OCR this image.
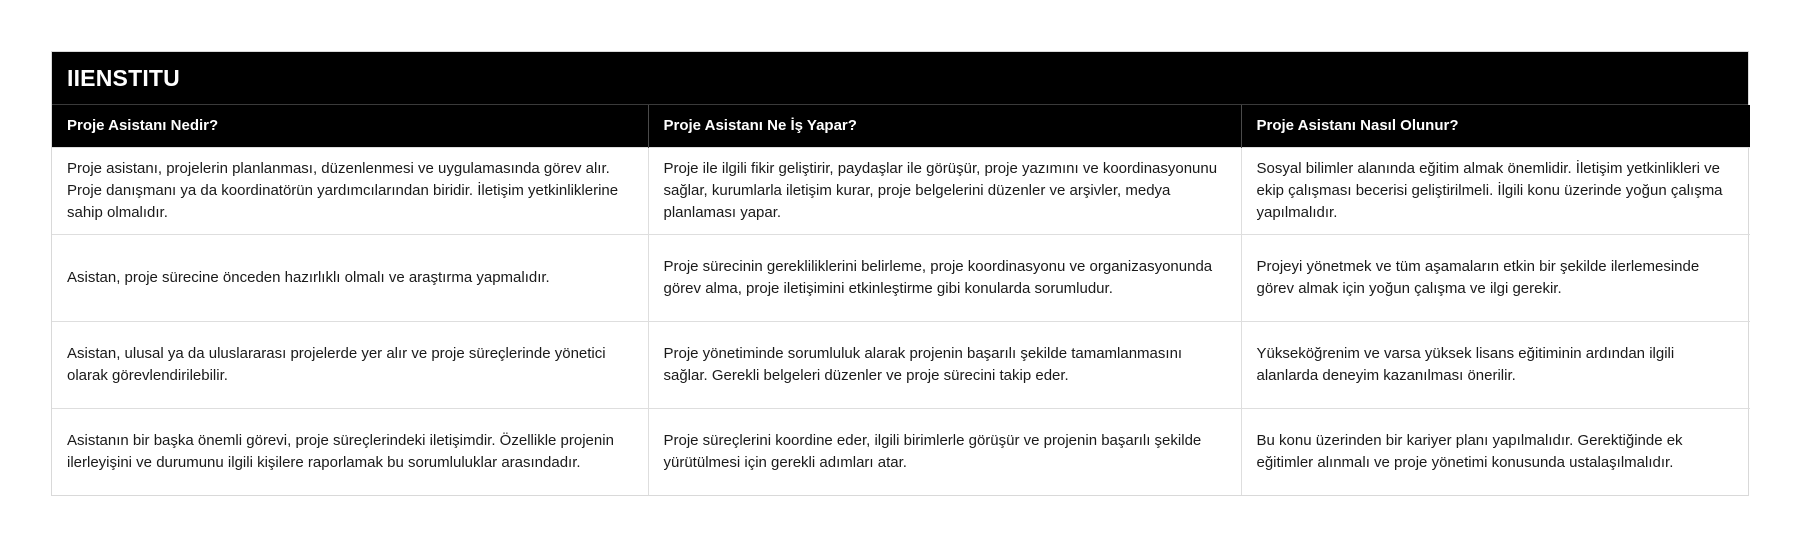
IIENSTITU
Proje Asistanı Nedir?	Proje Asistanı Ne İş Yapar?	Proje Asistanı Nasıl Olunur?
Proje asistanı, projelerin planlanması, düzenlenmesi ve uygulamasında görev alır. Proje danışmanı ya da koordinatörün yardımcılarından biridir. İletişim yetkinliklerine sahip olmalıdır.	Proje ile ilgili fikir geliştirir, paydaşlar ile görüşür, proje yazımını ve koordinasyonunu sağlar, kurumlarla iletişim kurar, proje belgelerini düzenler ve arşivler, medya planlaması yapar.	Sosyal bilimler alanında eğitim almak önemlidir. İletişim yetkinlikleri ve ekip çalışması becerisi geliştirilmeli. İlgili konu üzerinde yoğun çalışma yapılmalıdır.
Asistan, proje sürecine önceden hazırlıklı olmalı ve araştırma yapmalıdır.	Proje sürecinin gerekliliklerini belirleme, proje koordinasyonu ve organizasyonunda görev alma, proje iletişimini etkinleştirme gibi konularda sorumludur.	Projeyi yönetmek ve tüm aşamaların etkin bir şekilde ilerlemesinde görev almak için yoğun çalışma ve ilgi gerekir.
Asistan, ulusal ya da uluslararası projelerde yer alır ve proje süreçlerinde yönetici olarak görevlendirilebilir.	Proje yönetiminde sorumluluk alarak projenin başarılı şekilde tamamlanmasını sağlar. Gerekli belgeleri düzenler ve proje sürecini takip eder.	Yükseköğrenim ve varsa yüksek lisans eğitiminin ardından ilgili alanlarda deneyim kazanılması önerilir.
Asistanın bir başka önemli görevi, proje süreçlerindeki iletişimdir. Özellikle projenin ilerleyişini ve durumunu ilgili kişilere raporlamak bu sorumluluklar arasındadır.	Proje süreçlerini koordine eder, ilgili birimlerle görüşür ve projenin başarılı şekilde yürütülmesi için gerekli adımları atar.	Bu konu üzerinden bir kariyer planı yapılmalıdır. Gerektiğinde ek eğitimler alınmalı ve proje yönetimi konusunda ustalaşılmalıdır.
